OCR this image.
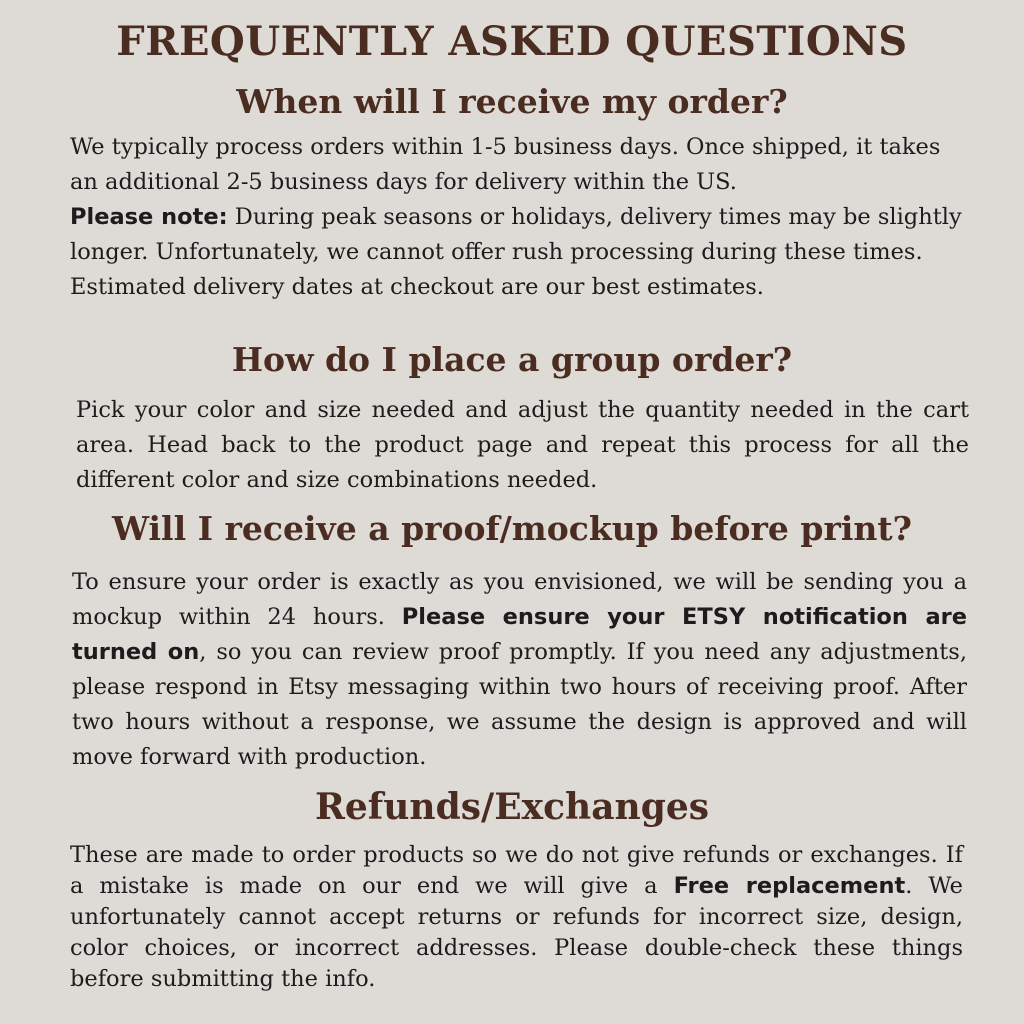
FREQUENTLY ASKED QUESTIONS
When will I receive my order?

We typically process orders within 1-5 business days. Once shipped, it takes an additional 2-5 business days for delivery within the US.
Please note: During peak seasons or holidays, delivery times may be slightly longer. Unfortunately, we cannot offer rush processing during these times. Estimated delivery dates at checkout are our best estimates.

How do I place a group order?

Pick your color and size needed and adjust the quantity needed in the cart area. Head back to the product page and repeat this process for all the different color and size combinations needed.

Will I receive a proof/mockup before print?

To ensure your order is exactly as you envisioned, we will be sending you a mockup within 24 hours. Please ensure your ETSY notification are turned on, so you can review proof promptly. If you need any adjustments, please respond in Etsy messaging within two hours of receiving proof. After two hours without a response, we assume the design is approved and will move forward with production.

Refunds/Exchanges

These are made to order products so we do not give refunds or exchanges. If a mistake is made on our end we will give a Free replacement. We unfortunately cannot accept returns or refunds for incorrect size, design, color choices, or incorrect addresses. Please double-check these things before submitting the info.
